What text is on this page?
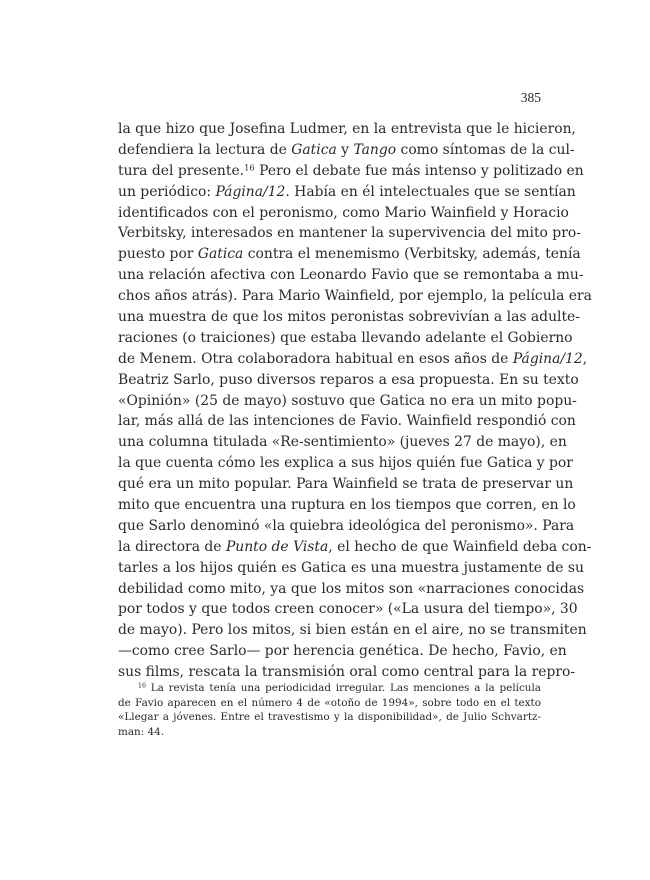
385
la que hizo que Josefina Ludmer, en la entrevista que le hicieron,
defendiera la lectura de Gatica y Tango como síntomas de la cul-
tura del presente.$^{16}$ Pero el debate fue más intenso y politizado en
un periódico: Página/12. Había en él intelectuales que se sentían
identificados con el peronismo, como Mario Wainfield y Horacio
Verbitsky, interesados en mantener la supervivencia del mito pro-
puesto por Gatica contra el menemismo (Verbitsky, además, tenía
una relación afectiva con Leonardo Favio que se remontaba a mu-
chos años atrás). Para Mario Wainfield, por ejemplo, la película era
una muestra de que los mitos peronistas sobrevivían a las adulte-
raciones (o traiciones) que estaba llevando adelante el Gobierno
de Menem. Otra colaboradora habitual en esos años de Página/12,
Beatriz Sarlo, puso diversos reparos a esa propuesta. En su texto
«Opinión» (25 de mayo) sostuvo que Gatica no era un mito popu-
lar, más allá de las intenciones de Favio. Wainfield respondió con
una columna titulada «Re-sentimiento» (jueves 27 de mayo), en
la que cuenta cómo les explica a sus hijos quién fue Gatica y por
qué era un mito popular. Para Wainfield se trata de preservar un
mito que encuentra una ruptura en los tiempos que corren, en lo
que Sarlo denominó «la quiebra ideológica del peronismo». Para
la directora de Punto de Vista, el hecho de que Wainfield deba con-
tarles a los hijos quién es Gatica es una muestra justamente de su
debilidad como mito, ya que los mitos son «narraciones conocidas
por todos y que todos creen conocer» («La usura del tiempo», 30
de mayo). Pero los mitos, si bien están en el aire, no se transmiten
—como cree Sarlo— por herencia genética. De hecho, Favio, en
sus films, rescata la transmisión oral como central para la repro-
$^{16}$ La revista tenía una periodicidad irregular. Las menciones a la película
de Favio aparecen en el número 4 de «otoño de 1994», sobre todo en el texto
«Llegar a jóvenes. Entre el travestismo y la disponibilidad», de Julio Schvartz-
man: 44.
